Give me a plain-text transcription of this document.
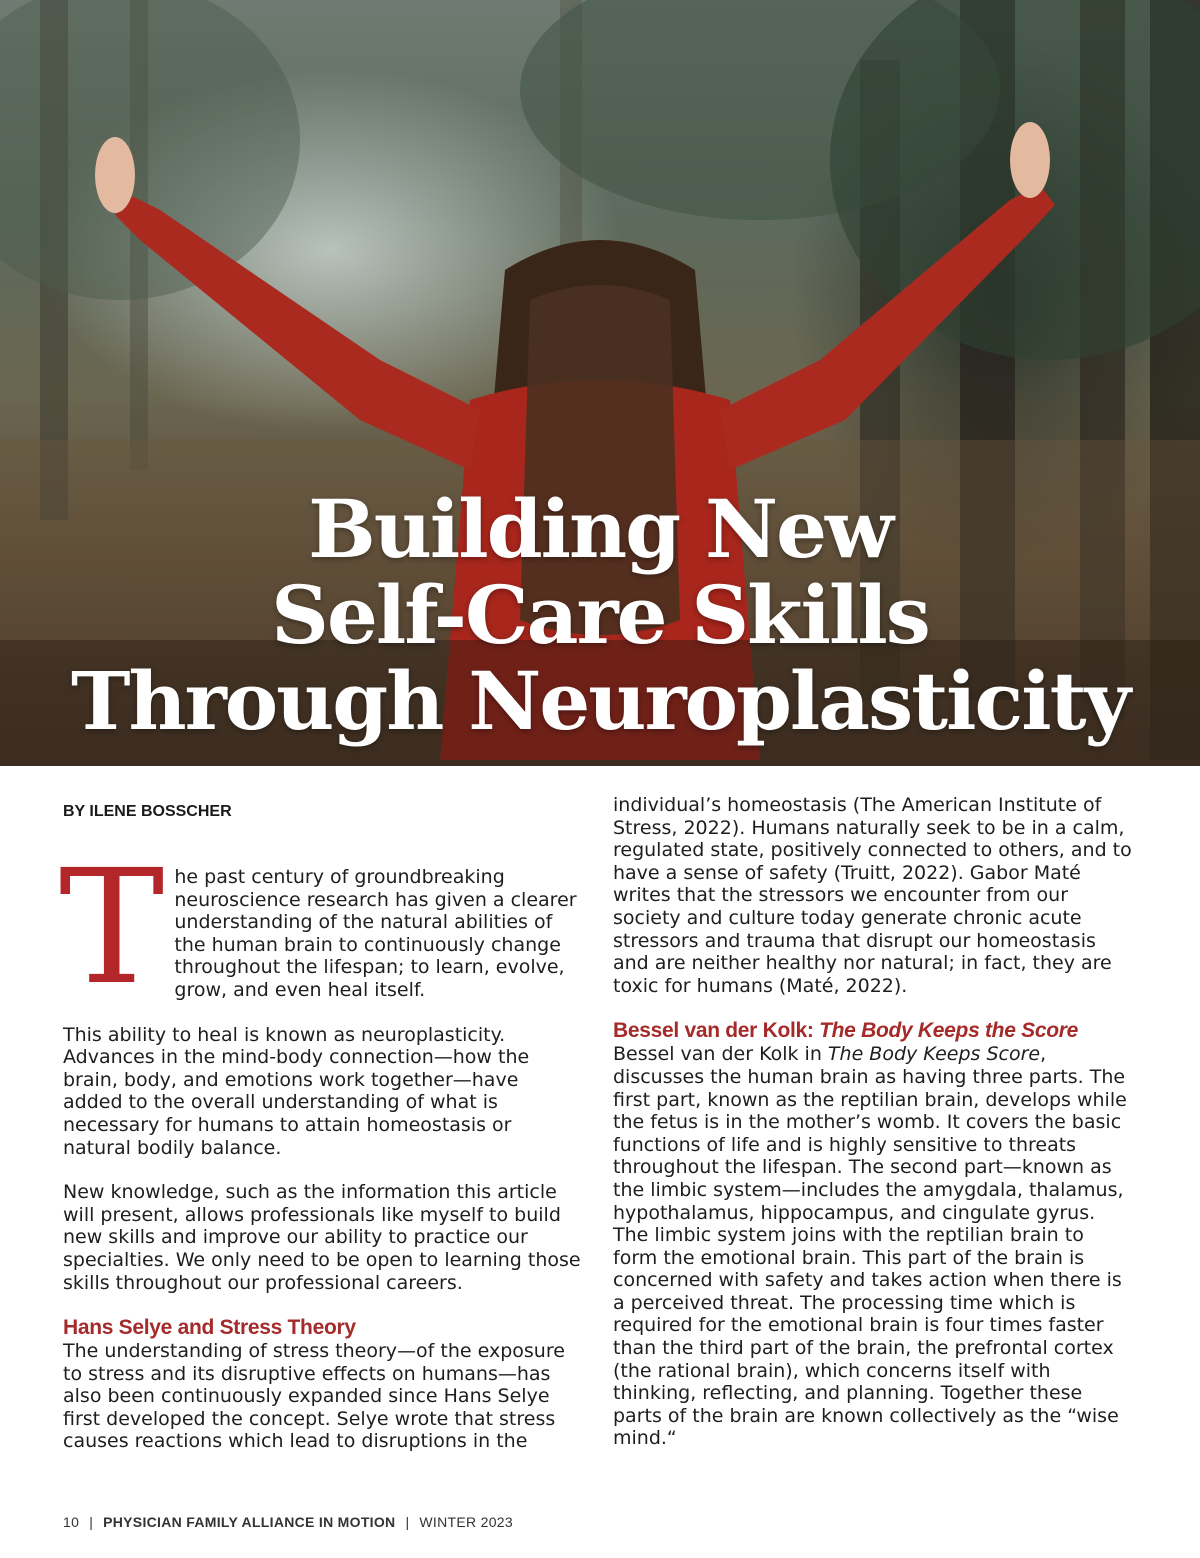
Building New
Self-Care Skills
Through Neuroplasticity
BY ILENE BOSSCHER

The past century of groundbreaking neuroscience research has given a clearer understanding of the natural abilities of the human brain to continuously change throughout the lifespan; to learn, evolve, grow, and even heal itself.

This ability to heal is known as neuroplasticity. Advances in the mind-body connection—how the brain, body, and emotions work together—have added to the overall understanding of what is necessary for humans to attain homeostasis or natural bodily balance.

New knowledge, such as the information this article will present, allows professionals like myself to build new skills and improve our ability to practice our specialties. We only need to be open to learning those skills throughout our professional careers.

Hans Selye and Stress Theory

The understanding of stress theory—of the exposure to stress and its disruptive effects on humans—has also been continuously expanded since Hans Selye first developed the concept. Selye wrote that stress causes reactions which lead to disruptions in the

individual’s homeostasis (The American Institute of Stress, 2022). Humans naturally seek to be in a calm, regulated state, positively connected to others, and to have a sense of safety (Truitt, 2022). Gabor Maté writes that the stressors we encounter from our society and culture today generate chronic acute stressors and trauma that disrupt our homeostasis and are neither healthy nor natural; in fact, they are toxic for humans (Maté, 2022).

Bessel van der Kolk: The Body Keeps the Score

Bessel van der Kolk in The Body Keeps Score, discusses the human brain as having three parts. The first part, known as the reptilian brain, develops while the fetus is in the mother’s womb. It covers the basic functions of life and is highly sensitive to threats throughout the lifespan. The second part—known as the limbic system—includes the amygdala, thalamus, hypothalamus, hippocampus, and cingulate gyrus. The limbic system joins with the reptilian brain to form the emotional brain. This part of the brain is concerned with safety and takes action when there is a perceived threat. The processing time which is required for the emotional brain is four times faster than the third part of the brain, the prefrontal cortex (the rational brain), which concerns itself with thinking, reflecting, and planning. Together these parts of the brain are known collectively as the “wise mind.“

10 | PHYSICIAN FAMILY ALLIANCE IN MOTION | WINTER 2023
